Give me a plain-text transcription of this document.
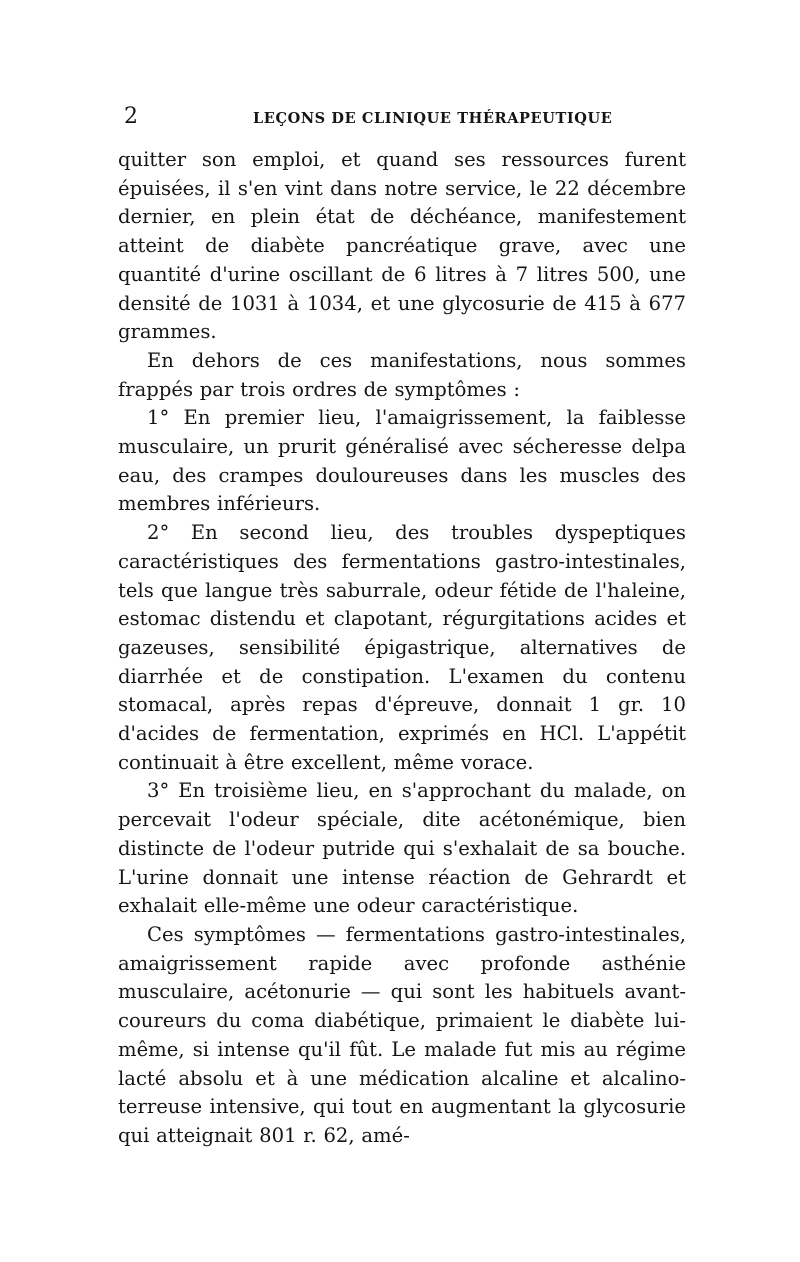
2	LEÇONS DE CLINIQUE THÉRAPEUTIQUE

quitter son emploi, et quand ses ressources furent épuisées, il s'en vint dans notre service, le 22 décembre dernier, en plein état de déchéance, manifestement atteint de diabète pancréatique grave, avec une quantité d'urine oscillant de 6 litres à 7 litres 500, une densité de 1031 à 1034, et une glycosurie de 415 à 677 grammes.

En dehors de ces manifestations, nous sommes frappés par trois ordres de symptômes :

1° En premier lieu, l'amaigrissement, la faiblesse musculaire, un prurit généralisé avec sécheresse delpa eau, des crampes douloureuses dans les muscles des membres inférieurs.

2° En second lieu, des troubles dyspeptiques caractéristiques des fermentations gastro-intestinales, tels que langue très saburrale, odeur fétide de l'haleine, estomac distendu et clapotant, régurgitations acides et gazeuses, sensibilité épigastrique, alternatives de diarrhée et de constipation. L'examen du contenu stomacal, après repas d'épreuve, donnait 1 gr. 10 d'acides de fermentation, exprimés en HCl. L'appétit continuait à être excellent, même vorace.

3° En troisième lieu, en s'approchant du malade, on percevait l'odeur spéciale, dite acétonémique, bien distincte de l'odeur putride qui s'exhalait de sa bouche. L'urine donnait une intense réaction de Gehrardt et exhalait elle-même une odeur caractéristique.

Ces symptômes — fermentations gastro-intestinales, amaigrissement rapide avec profonde asthénie musculaire, acétonurie — qui sont les habituels avant-coureurs du coma diabétique, primaient le diabète lui-même, si intense qu'il fût. Le malade fut mis au régime lacté absolu et à une médication alcaline et alcalino-terreuse intensive, qui tout en augmentant la glycosurie qui atteignait 801 r. 62, amé-
